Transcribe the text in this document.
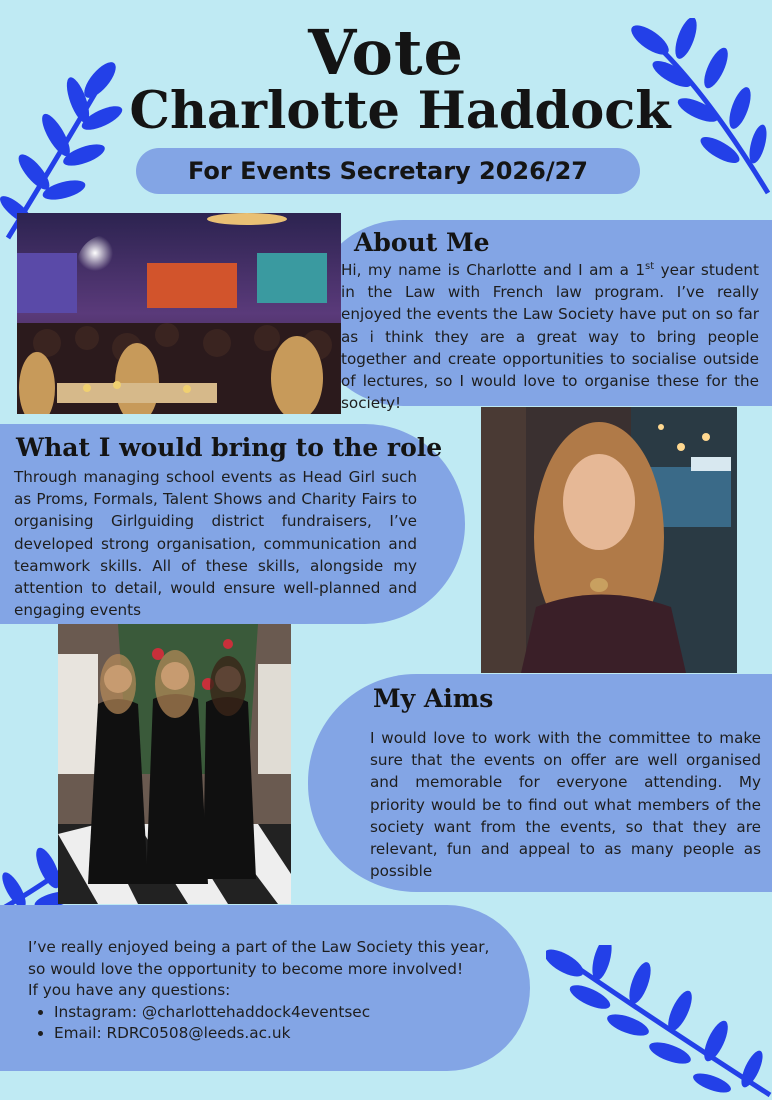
Vote
Charlotte Haddock
For Events Secretary 2026/27
About Me
Hi, my name is Charlotte and I am a 1st year student in the Law with French law program. I’ve really enjoyed the events the Law Society have put on so far as i think they are a great way to bring people together and create opportunities to socialise outside of lectures, so I would love to organise these for the society!
What I would bring to the role
Through managing school events as Head Girl such as Proms, Formals, Talent Shows and Charity Fairs to organising Girlguiding district fundraisers, I’ve developed strong organisation, communication and teamwork skills. All of these skills, alongside my attention to detail, would ensure well-planned and engaging events
My Aims
I would love to work with the committee to make sure that the events on offer are well organised and memorable for everyone attending. My priority would be to find out what members of the society want from the events, so that they are relevant, fun and appeal to as many people as possible

I’ve really enjoyed being a part of the Law Society this year, so would love the opportunity to become more involved!

If you have any questions:

• Instagram: @charlottehaddock4eventsec
• Email: RDRC0508@leeds.ac.uk
